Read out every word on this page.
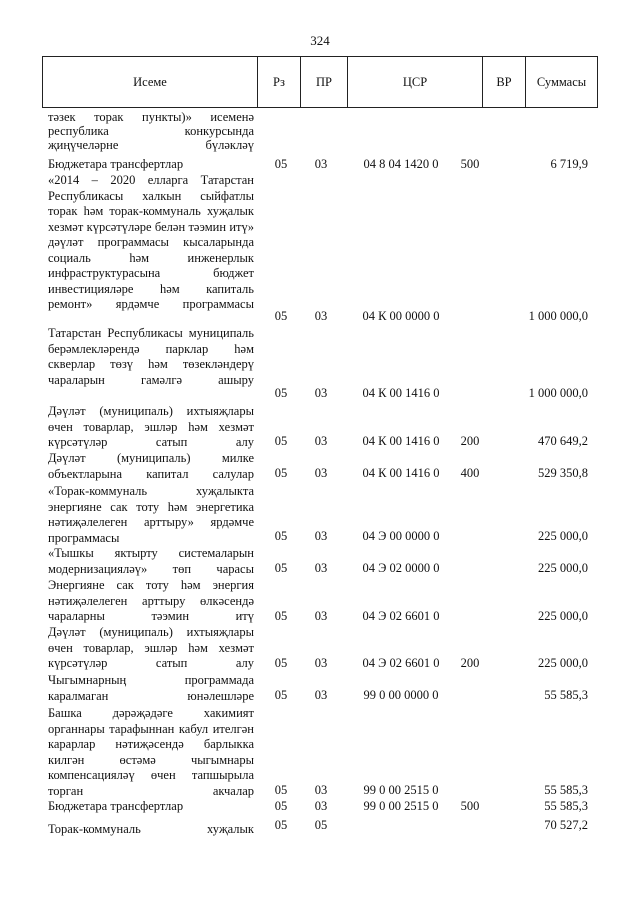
324
Исеме	Рз	ПР	ЦСР	ВР	Суммасы
тәзек торак пункты)» исеменә республика конкурсында җиңүчеләрне бүләкләү
Бюджетара трансфертлар	05	03	04 8 04 1420 0	500	6 719,9
«2014 – 2020 елларга Татарстан Республикасы халкын сыйфатлы торак һәм торак-коммуналь хуҗалык хезмәт күрсәтүләре белән тәэмин итү» дәүләт программасы кысаларында социаль һәм инженерлык инфраструктурасына бюджет инвестицияләре һәм капиталь ремонт» ярдәмче программасы
05	03	04 К 00 0000 0	1 000 000,0
Татарстан Республикасы муниципаль берәмлекләрендә парклар һәм скверлар төзү һәм төзекләндерү чараларын гамәлгә ашыру
05	03	04 К 00 1416 0	1 000 000,0
Дәүләт (муниципаль) ихтыяҗлары өчен товарлар, эшләр һәм хезмәт күрсәтүләр сатып алу	05	03	04 К 00 1416 0	200	470 649,2
Дәүләт (муниципаль) милке объектларына капитал салулар	05	03	04 К 00 1416 0	400	529 350,8
«Торак-коммуналь хуҗалыкта энергияне сак тоту һәм энергетика нәтиҗәлелеген арттыру» ярдәмче программасы	05	03	04 Э 00 0000 0	225 000,0
«Тышкы яктырту системаларын модернизацияләү» төп чарасы	05	03	04 Э 02 0000 0	225 000,0
Энергияне сак тоту һәм энергия нәтиҗәлелеген арттыру өлкәсендә чараларны тәэмин итү	05	03	04 Э 02 6601 0	225 000,0
Дәүләт (муниципаль) ихтыяҗлары өчен товарлар, эшләр һәм хезмәт күрсәтүләр сатып алу	05	03	04 Э 02 6601 0	200	225 000,0
Чыгымнарның программада каралмаган юнәлешләре	05	03	99 0 00 0000 0	55 585,3
Башка дәрәҗәдәге хакимият органнары тарафыннан кабул ителгән карарлар нәтиҗәсендә барлыкка килгән өстәмә чыгымнары компенсацияләү өчен тапшырыла торган акчалар	05	03	99 0 00 2515 0	55 585,3
Бюджетара трансфертлар	05	03	99 0 00 2515 0	500	55 585,3
Торак-коммуналь хуҗалык	05	05	70 527,2
